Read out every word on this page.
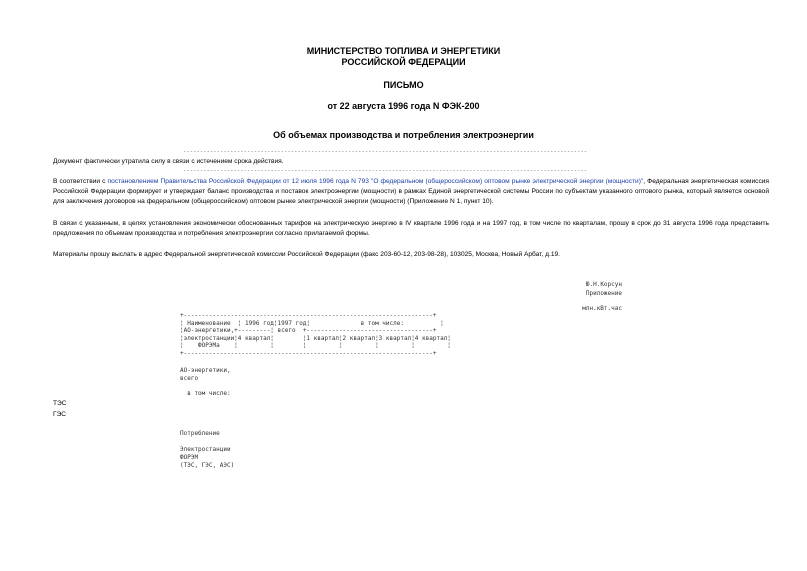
МИНИСТЕРСТВО ТОПЛИВА И ЭНЕРГЕТИКИ
РОССИЙСКОЙ ФЕДЕРАЦИИ
ПИСЬМО
от 22 августа 1996 года N ФЭК-200
Об объемах производства и потребления электроэнергии
------------------------------------------------------------------------------------------------------------------------
Документ фактически утратила силу в связи с истечением срока действия.
------------------------------------------------------------------------------------------------------------------------
В соответствии с постановлением Правительства Российской Федерации от 12 июля 1996 года N 793 "О федеральном (общероссийском) оптовом рынке электрической энергии (мощности)", Федеральная энергетическая комиссия Российской Федерации формирует и утверждает баланс производства и поставок электроэнергии (мощности) в рамках Единой энергетической системы России по субъектам указанного оптового рынка, который является основой для заключения договоров на федеральном (общероссийском) оптовом рынке электрической энергии (мощности) (Приложение N 1, пункт 10).
В связи с указанным, в целях установления экономически обоснованных тарифов на электрическую энергию в IV квартале 1996 года и на 1997 год, в том числе по кварталам, прошу в срок до 31 августа 1996 года представить предложения по объемам производства и потребления электроэнергии согласно прилагаемой формы.
Материалы прошу выслать в адрес Федеральной энергетической комиссии Российской Федерации (факс 203-60-12, 203-98-28), 103025, Москва, Новый Арбат, д.19.
Ю.Н.Корсун
Приложение
млн.кВт.час
+---------------------------------------------------------------------+
¦ Наименование  ¦ 1996 год¦1997 год¦              в том числе:          ¦
¦АО-энергетики,+---------¦ всего  +-----------------------------------+
¦электростанции¦4 квартал¦        ¦1 квартал¦2 квартал¦3 квартал¦4 квартал¦
¦    ФОРЭМа    ¦         ¦        ¦         ¦         ¦         ¦         ¦
+---------------------------------------------------------------------+
АО-энергетики,
всего
в том числе:
ТЭС
ГЭС
Потребление
Электростанции
ФОРЭМ
(ТЭС, ГЭС, АЭС)
